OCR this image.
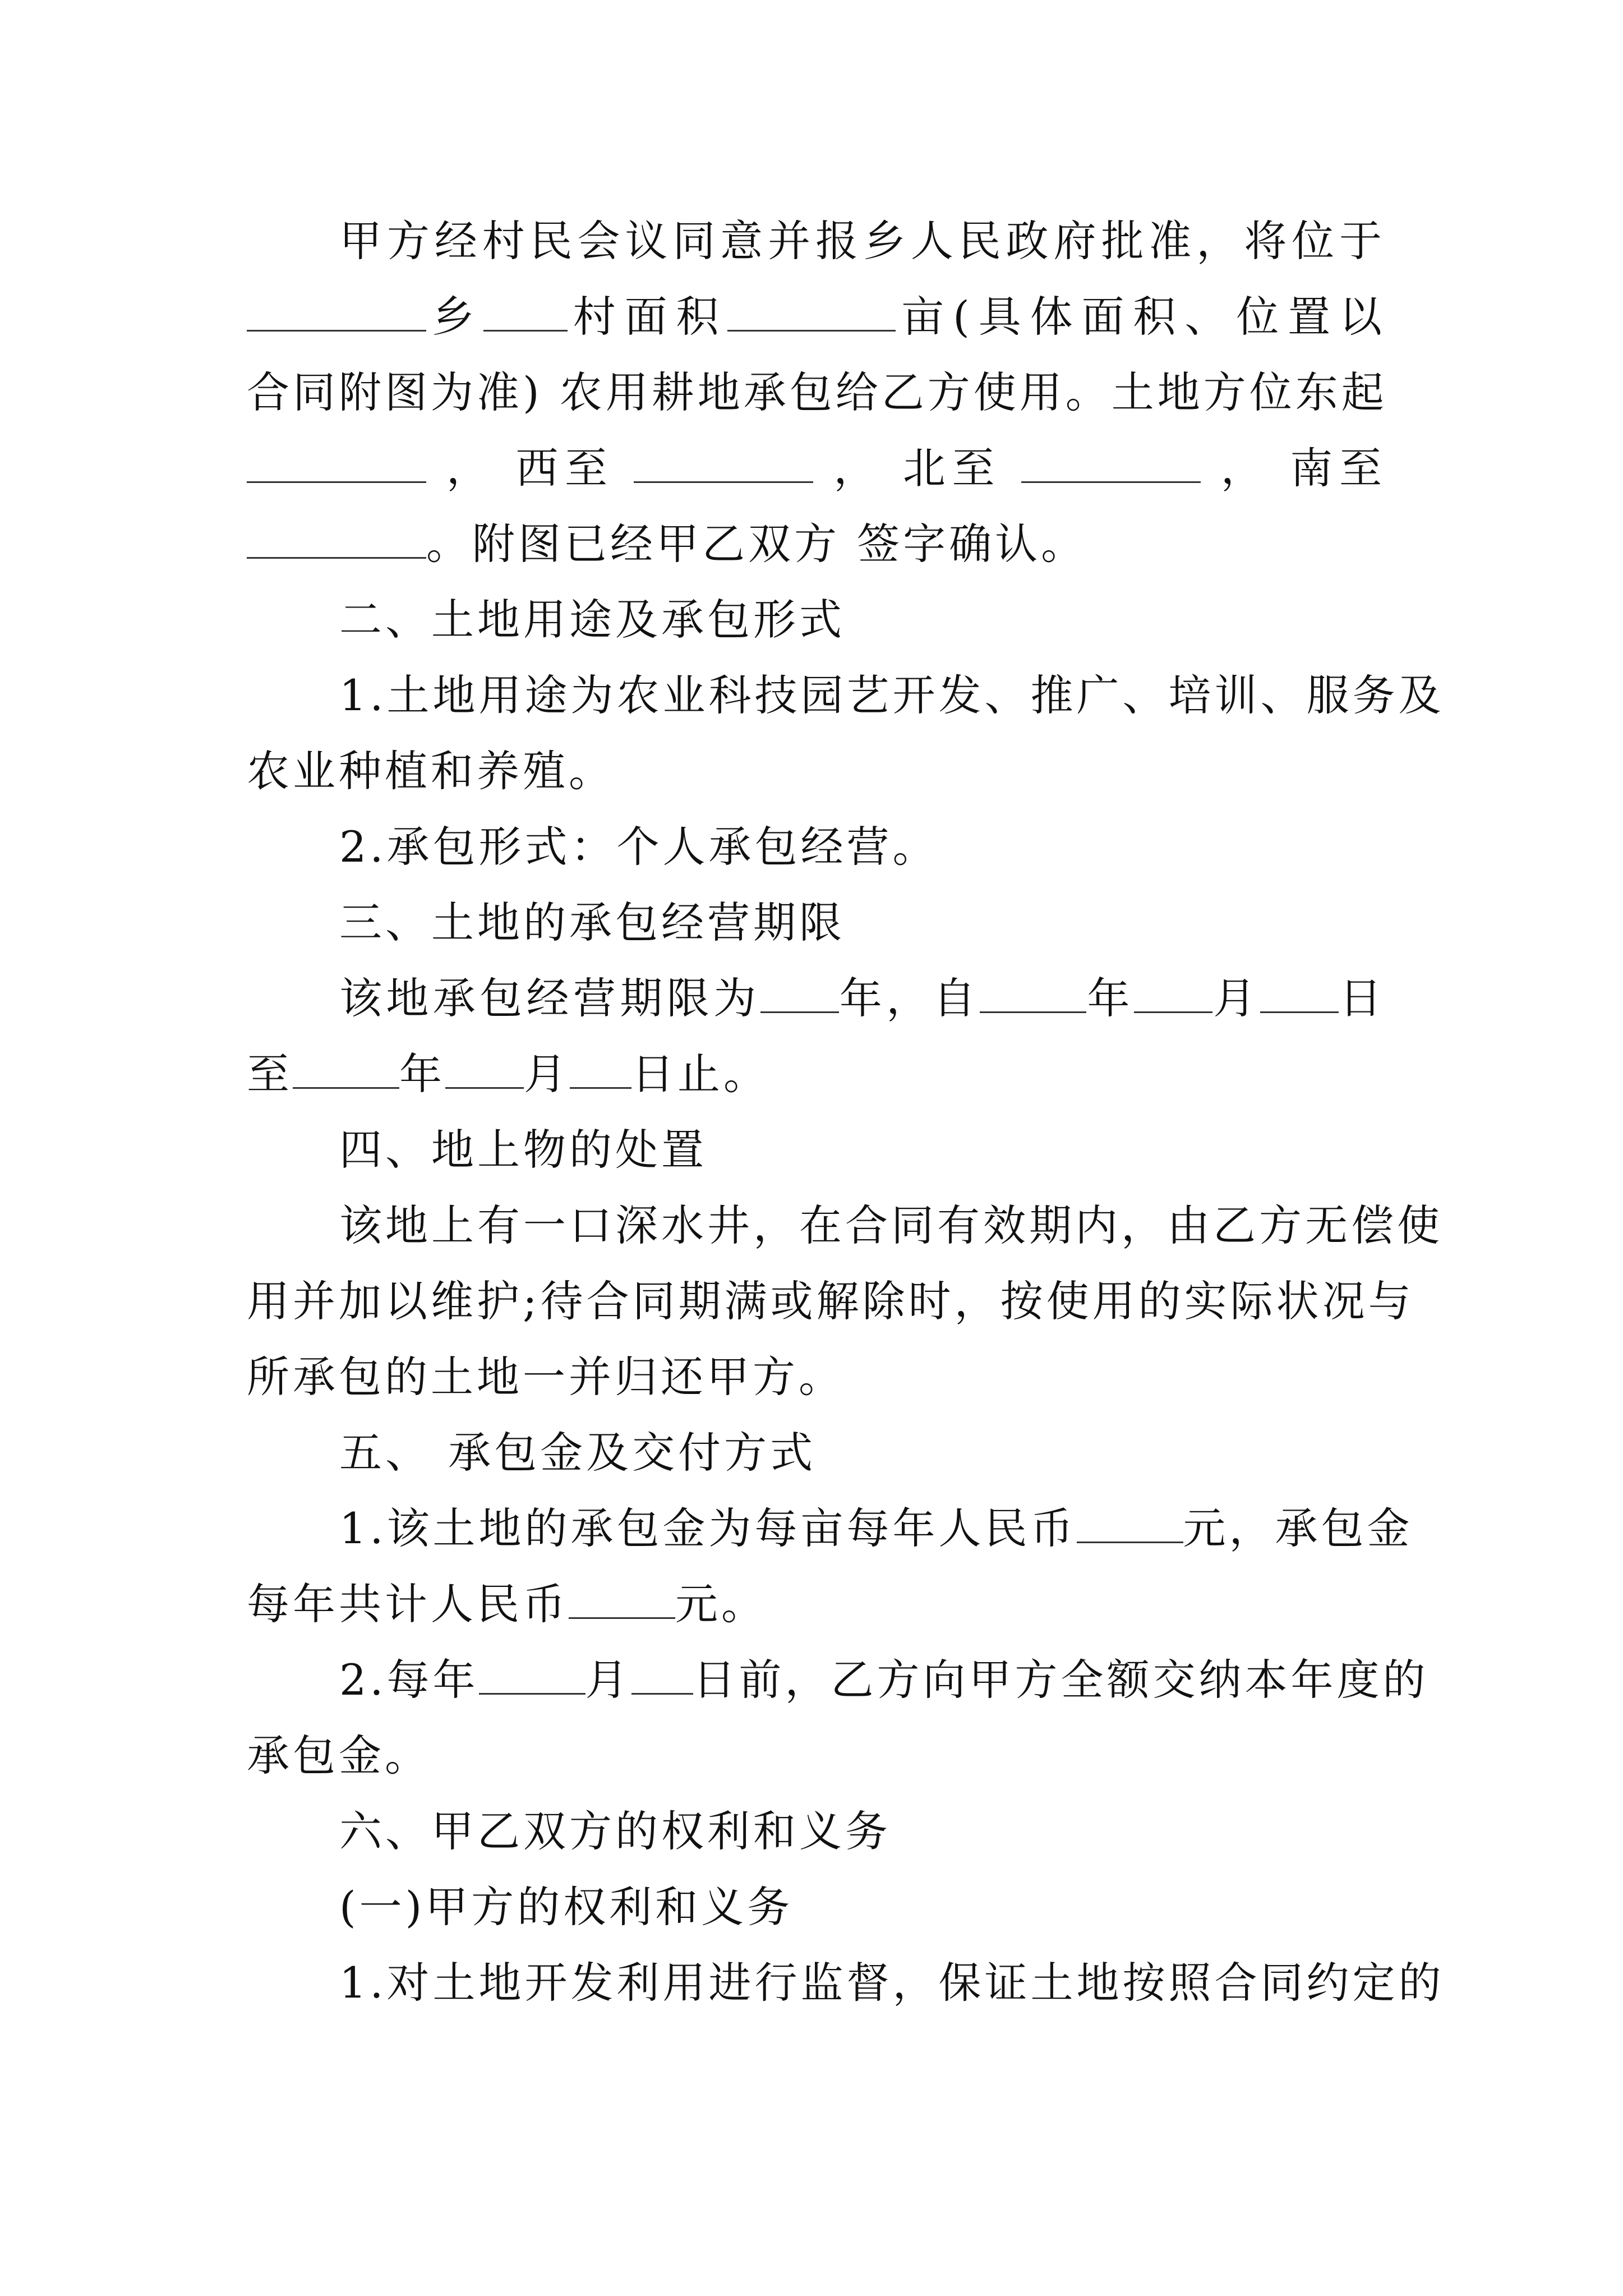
甲方经村民会议同意并报乡人民政府批准，将位于
乡 村面积	亩(具体面积、位置以
合同附图为准) 农用耕地承包给乙方使用。土地方位东起
， 西至	， 北至	， 南至
。附图已经甲乙双方 签字确认。
二、土地用途及承包形式
1.土地用途为农业科技园艺开发、推广、培训、服务及
农业种植和养殖。
2.承包形式：个人承包经营。
三、土地的承包经营期限
该地承包经营期限为 年，自	年 月 日
至	年 月 日止。
四、地上物的处置
该地上有一口深水井，在合同有效期内，由乙方无偿使
用并加以维护;待合同期满或解除时，按使用的实际状况与
所承包的土地一并归还甲方。
五、 承包金及交付方式
1.该土地的承包金为每亩每年人民币	元，承包金
每年共计人民币	元。
2.每年	月 日前，乙方向甲方全额交纳本年度的
承包金。
六、甲乙双方的权利和义务
(一)甲方的权利和义务
1.对土地开发利用进行监督，保证土地按照合同约定的
